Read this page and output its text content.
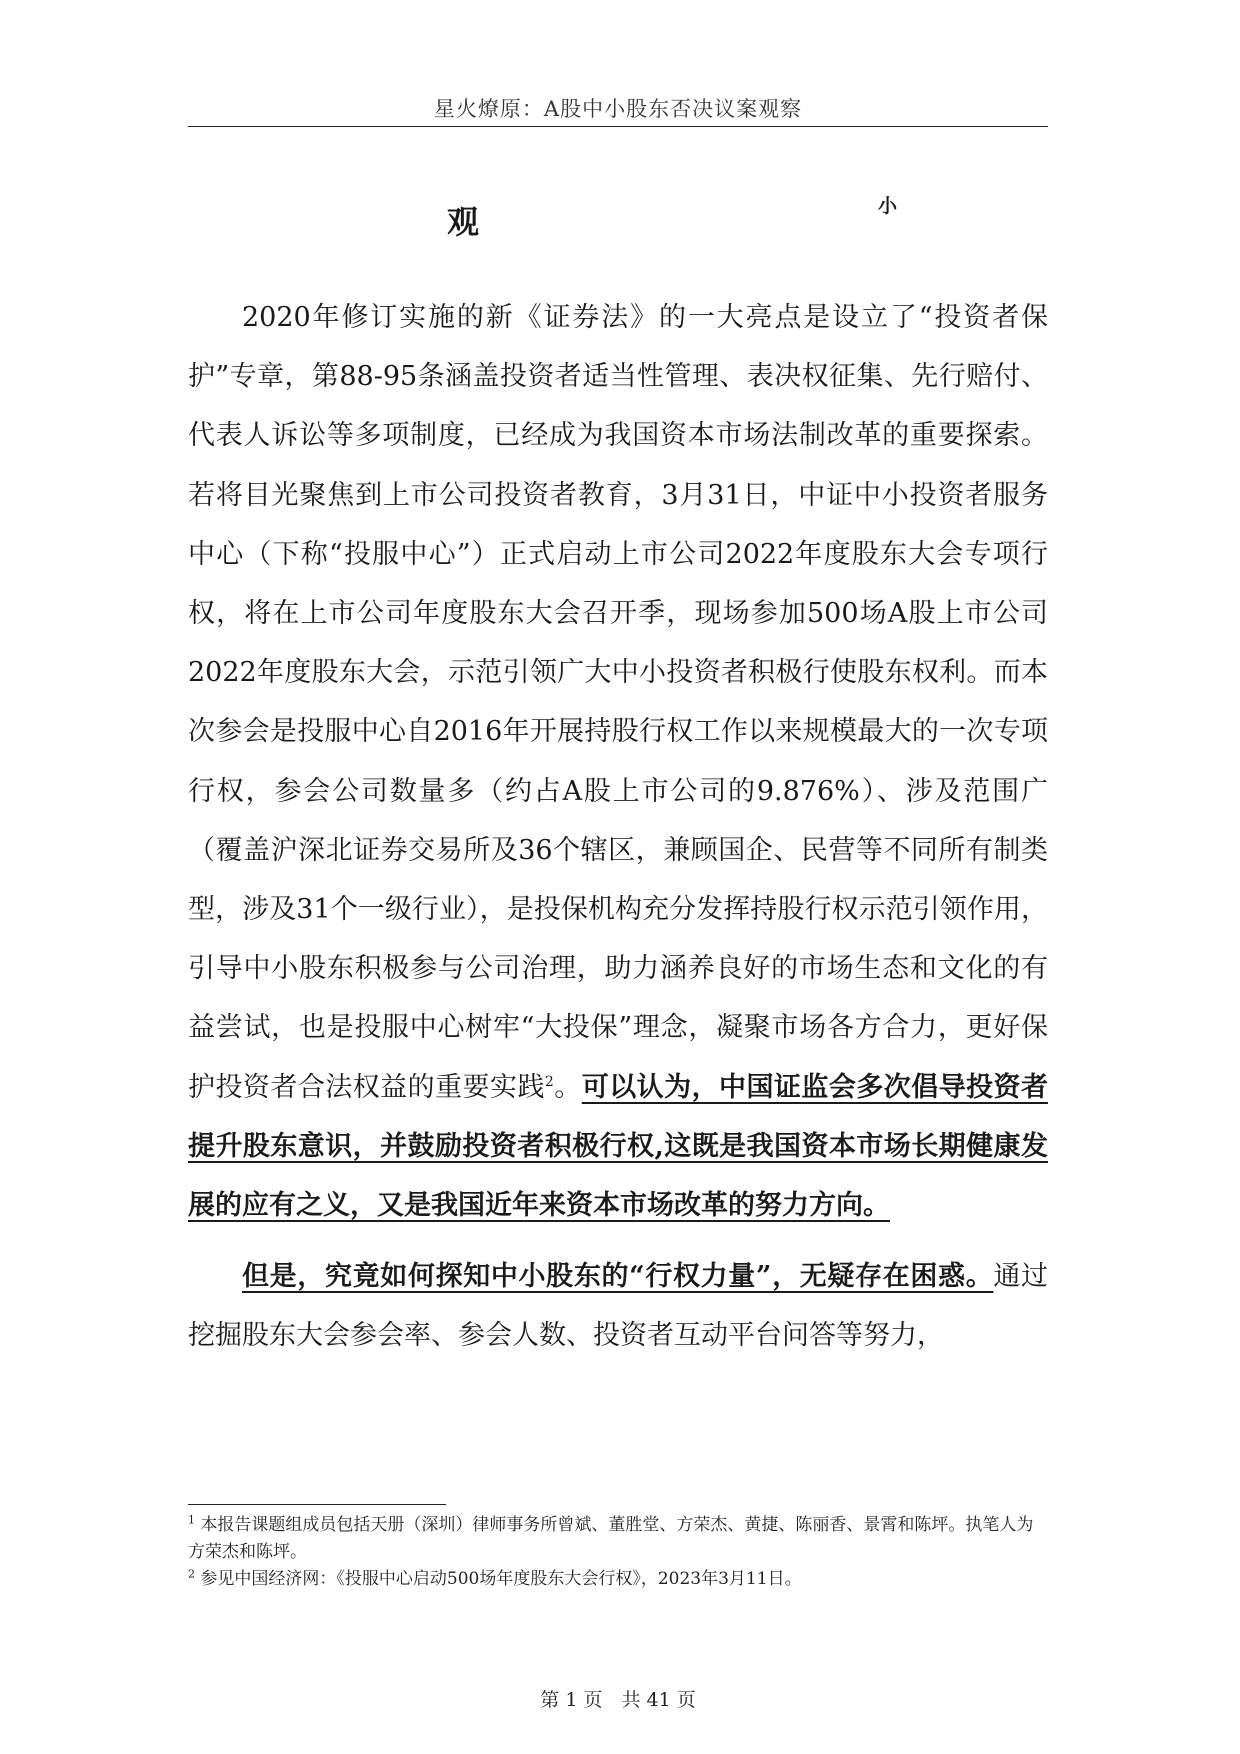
星火燎原：A股中小股东否决议案观察
观	小

2020年修订实施的新《证券法》的一大亮点是设立了“投资者保护”专章，第88-95条涵盖投资者适当性管理、表决权征集、先行赔付、代表人诉讼等多项制度，已经成为我国资本市场法制改革的重要探索。若将目光聚焦到上市公司投资者教育，3月31日，中证中小投资者服务中心（下称“投服中心”）正式启动上市公司2022年度股东大会专项行权，将在上市公司年度股东大会召开季，现场参加500场A股上市公司2022年度股东大会，示范引领广大中小投资者积极行使股东权利。而本次参会是投服中心自2016年开展持股行权工作以来规模最大的一次专项行权，参会公司数量多（约占A股上市公司的9.876%）、涉及范围广（覆盖沪深北证券交易所及36个辖区，兼顾国企、民营等不同所有制类型，涉及31个一级行业），是投保机构充分发挥持股行权示范引领作用，引导中小股东积极参与公司治理，助力涵养良好的市场生态和文化的有益尝试，也是投服中心树牢“大投保”理念，凝聚市场各方合力，更好保护投资者合法权益的重要实践$^2$。可以认为，中国证监会多次倡导投资者提升股东意识，并鼓励投资者积极行权,这既是我国资本市场长期健康发展的应有之义，又是我国近年来资本市场改革的努力方向。

但是，究竟如何探知中小股东的“行权力量”，无疑存在困惑。通过挖掘股东大会参会率、参会人数、投资者互动平台问答等努力，

$^1$ 本报告课题组成员包括天册（深圳）律师事务所曾斌、董胜堂、方荣杰、黄捷、陈丽香、景霄和陈坪。执笔人为方荣杰和陈坪。

$^2$ 参见中国经济网：《投服中心启动500场年度股东大会行权》，2023年3月11日。

第 1 页　共 41 页
